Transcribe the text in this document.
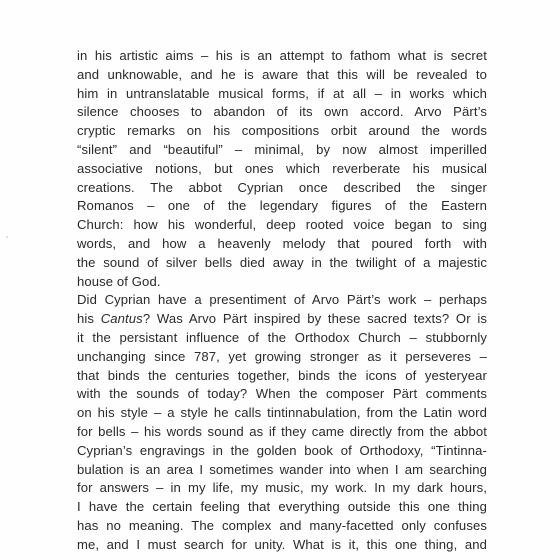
in his artistic aims – his is an attempt to fathom what is secret
and unknowable, and he is aware that this will be revealed to
him in untranslatable musical forms, if at all – in works which
silence chooses to abandon of its own accord. Arvo Pärt’s
cryptic remarks on his compositions orbit around the words
“silent” and “beautiful” – minimal, by now almost imperilled
associative notions, but ones which reverberate his musical
creations. The abbot Cyprian once described the singer
Romanos – one of the legendary figures of the Eastern
Church: how his wonderful, deep rooted voice began to sing
words, and how a heavenly melody that poured forth with
the sound of silver bells died away in the twilight of a majestic
house of God.
Did Cyprian have a presentiment of Arvo Pärt’s work – perhaps
his Cantus? Was Arvo Pärt inspired by these sacred texts? Or is
it the persistant influence of the Orthodox Church – stubbornly
unchanging since 787, yet growing stronger as it perseveres –
that binds the centuries together, binds the icons of yesteryear
with the sounds of today? When the composer Pärt comments
on his style – a style he calls tintinnabulation, from the Latin word
for bells – his words sound as if they came directly from the abbot
Cyprian’s engravings in the golden book of Orthodoxy, “Tintinna-
bulation is an area I sometimes wander into when I am searching
for answers – in my life, my music, my work. In my dark hours,
I have the certain feeling that everything outside this one thing
has no meaning. The complex and many-facetted only confuses
me, and I must search for unity. What is it, this one thing, and
